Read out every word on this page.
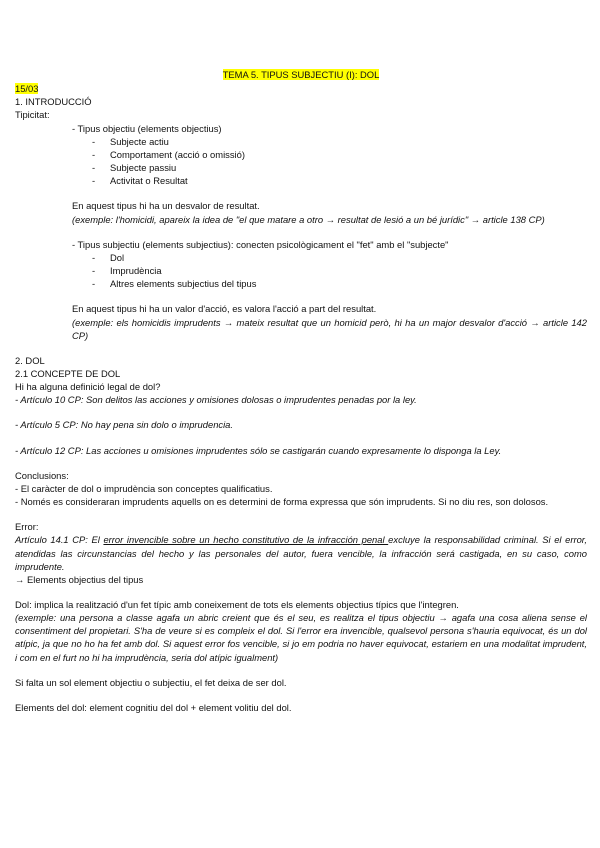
TEMA 5. TIPUS SUBJECTIU (I): DOL

15/03

1. INTRODUCCIÓ

Tipicitat:

- Tipus objectiu (elements objectius)

- Subjecte actiu
- Comportament (acció o omissió)
- Subjecte passiu
- Activitat o Resultat

En aquest tipus hi ha un desvalor de resultat.

(exemple: l'homicidi, apareix la idea de "el que matare a otro → resultat de lesió a un bé jurídic" → article 138 CP)

- Tipus subjectiu (elements subjectius): conecten psicològicament el "fet" amb el "subjecte"

- Dol
- Imprudència
- Altres elements subjectius del tipus

En aquest tipus hi ha un valor d'acció, es valora l'acció a part del resultat.

(exemple: els homicidis imprudents → mateix resultat que un homicid però, hi ha un major desvalor d'acció → article 142 CP)

2. DOL

2.1 CONCEPTE DE DOL

Hi ha alguna definició legal de dol?

- Artículo 10 CP: Son delitos las acciones y omisiones dolosas o imprudentes penadas por la ley.

- Artículo 5 CP: No hay pena sin dolo o imprudencia.

- Artículo 12 CP: Las acciones u omisiones imprudentes sólo se castigarán cuando expresamente lo disponga la Ley.

Conclusions:

- El caràcter de dol o imprudència son conceptes qualificatius.

- Només es consideraran imprudents aquells on es determini de forma expressa que són imprudents. Si no diu res, son dolosos.

Error:

Artículo 14.1 CP: El error invencible sobre un hecho constitutivo de la infracción penal excluye la responsabilidad criminal. Si el error, atendidas las circunstancias del hecho y las personales del autor, fuera vencible, la infracción será castigada, en su caso, como imprudente.

→ Elements objectius del tipus

Dol: implica la realització d'un fet típic amb coneixement de tots els elements objectius típics que l'integren.

(exemple: una persona a classe agafa un abric creient que és el seu, es realitza el tipus objectiu → agafa una cosa aliena sense el consentiment del propietari. S'ha de veure si es compleix el dol. Si l'error era invencible, qualsevol persona s'hauria equivocat, és un dol atípic, ja que no ho ha fet amb dol. Si aquest error fos vencible, si jo em podria no haver equivocat, estariem en una modalitat imprudent, i com en el furt no hi ha imprudència, seria dol atípic igualment)

Si falta un sol element objectiu o subjectiu, el fet deixa de ser dol.

Elements del dol: element cognitiu del dol + element volitiu del dol.
